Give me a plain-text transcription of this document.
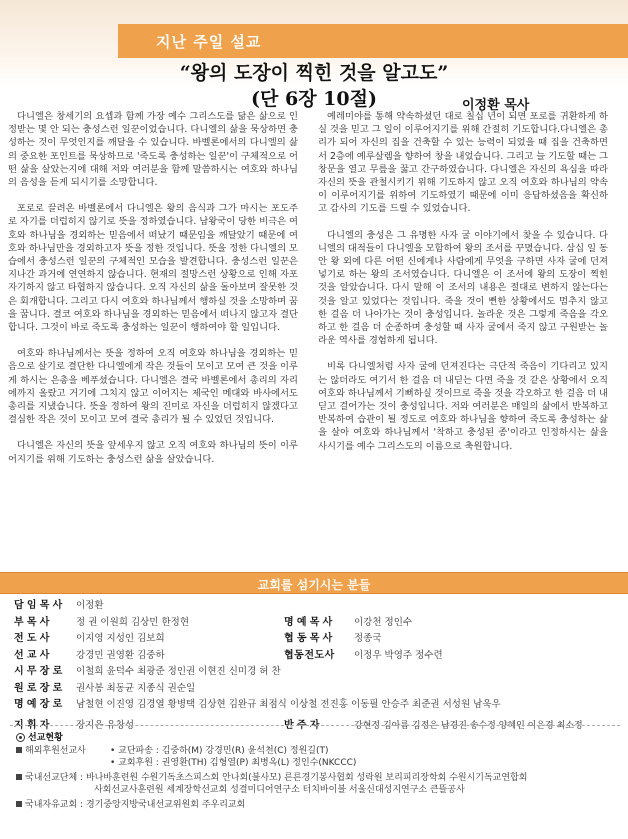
지난 주일 설교
“왕의 도장이 찍힌 것을 알고도”
(단 6장 10절)	이정환 목사

다니엘은 창세기의 요셉과 함께 가장 예수 그리스도를 닮은 삶으로 인정받는 몇 안 되는 충성스런 일꾼이었습니다. 다니엘의 삶을 묵상하면 충성하는 것이 무엇인지를 깨달을 수 있습니다. 바벨론에서의 다니엘의 삶의 중요한 포인트를 묵상하므로 '죽도록 충성하는 일꾼'이 구체적으로 어떤 삶을 살았는지에 대해 저와 여러분을 함께 말씀하시는 여호와 하나님의 음성을 듣게 되시기를 소망합니다.

포로로 끌려온 바벨론에서 다니엘은 왕의 음식과 그가 마시는 포도주로 자기를 더럽히지 않기로 뜻을 정하였습니다. 남왕국이 당한 비극은 여호와 하나님을 경외하는 믿음에서 떠났기 때문임을 깨달았기 때문에 여호와 하나님만을 경외하고자 뜻을 정한 것입니다. 뜻을 정한 다니엘의 모습에서 충성스런 일꾼의 구체적인 모습을 발견합니다. 충성스런 일꾼은 지나간 과거에 연연하지 않습니다. 현재의 절망스런 상황으로 인해 자포자기하지 않고 타협하지 않습니다. 오직 자신의 삶을 돌아보며 잘못한 것은 회개합니다. 그리고 다시 여호와 하나님께서 행하실 것을 소망하며 꿈을 꿉니다. 결코 여호와 하나님을 경외하는 믿음에서 떠나지 않고자 결단합니다. 그것이 바로 죽도록 충성하는 일꾼이 행하여야 할 일입니다.

여호와 하나님께서는 뜻을 정하여 오직 여호와 하나님을 경외하는 믿음으로 살기로 결단한 다니엘에게 작은 것들이 모이고 모여 큰 것을 이루게 하시는 은총을 베푸셨습니다. 다니엘은 결국 바벨론에서 총리의 자리에까지 올랐고 거기에 그치지 않고 이어지는 제국인 메대와 바사에서도 총리를 지냈습니다. 뜻을 정하여 왕의 진미로 자신을 더럽히지 않겠다고 결심한 작은 것이 모이고 모여 결국 총리가 될 수 있었던 것입니다.

다니엘은 자신의 뜻을 앞세우지 않고 오직 여호와 하나님의 뜻이 이루어지기를 위해 기도하는 충성스런 삶을 살았습니다.

예레미야를 통해 약속하셨던 대로 칠십 년이 되면 포로를 귀환하게 하실 것을 믿고 그 일이 이루어지기를 위해 간절히 기도합니다.다니엘은 총리가 되어 자신의 집을 건축할 수 있는 능력이 되었을 때 집을 건축하면서 2층에 예루살렘을 향하여 창을 내었습니다. 그리고 늘 기도할 때는 그 창문을 열고 무릎을 꿇고 간구하였습니다. 다니엘은 자신의 욕심을 따라 자신의 뜻을 관철시키기 위해 기도하지 않고 오직 여호와 하나님의 약속이 이루어지기를 위하여 기도하였기 때문에 이미 응답하셨음을 확신하고 감사의 기도를 드릴 수 있었습니다.

다니엘의 충성은 그 유명한 사자 굴 이야기에서 찾을 수 있습니다. 다니엘의 대적들이 다니엘을 모함하여 왕의 조서를 꾸몄습니다. 삼십 일 동안 왕 외에 다른 어떤 신에게나 사람에게 무엇을 구하면 사자 굴에 던져 넣기로 하는 왕의 조서였습니다. 다니엘은 이 조서에 왕의 도장이 찍힌 것을 알았습니다. 다시 말해 이 조서의 내용은 절대로 변하지 않는다는 것을 알고 있었다는 것입니다. 죽을 것이 뻔한 상황에서도 멈추지 않고 한 걸음 더 나아가는 것이 충성입니다. 놀라운 것은 그렇게 죽음을 각오하고 한 걸음 더 순종하며 충성할 때 사자 굴에서 죽지 않고 구원받는 놀라운 역사를 경험하게 됩니다.

비록 다니엘처럼 사자 굴에 던져진다는 극단적 죽음이 기다리고 있지는 않더라도 여기서 한 걸음 더 내딛는 다면 죽을 것 같은 상황에서 오직 여호와 하나님께서 기뻐하실 것이므로 죽을 것을 각오하고 한 걸음 더 내딛고 걸어가는 것이 충성입니다. 저와 여러분은 매일의 삶에서 반복하고 반복하여 습관이 될 정도로 여호와 하나님을 향하여 죽도록 충성하는 삶을 살아 여호와 하나님께서 '착하고 충성된 종'이라고 인정하시는 삶을 사시기를 예수 그리스도의 이름으로 축원합니다.

교회를 섬기시는 분들
담임목사	이정환
부목사	정 권 이원희 김상민 한정현	명예목사	이강천 정인수
전도사	이지영 지성인 김보희	협동목사	정종국
선교사	강경민 권영환 김중하	협동전도사	이정우 박영주 정수련
시무장로	이철희 윤덕수 최광준 정인권 이현진 신미경 허 찬
원로장로	권사봉 최동균 지종식 권순일
명예장로	남철현 이진영 김경열 황병택 김상현 김완규 최점식 이상철 전진홍 이동필 안승주 최준권 서성원 남욱우
지휘자	장지은 유창성	반주자	강현정 김아름 김정은 남경진 송수정 양혜인 이은경 최소정
선교현황
해외후원선교사	• 교단파송 : 김중하(M) 강경민(R) 윤석천(C) 정원길(T)
• 교회후원 : 권영환(TH) 김형열(P) 최병옥(L) 정인수(NKCCC)
국내선교단체 : 바나바훈련원 수원기독초스피스회 안나회(불사모) 른른경기봉사협회 성락원 보리피리장학회 수원시기독교연합회
사회선교사훈련원 세계장학선교회 성결미디어연구소 터치바이블 서울신대성지연구소 큰뜰공사
국내자유교회 : 경기중앙지방국내선교위원회 주우리교회
